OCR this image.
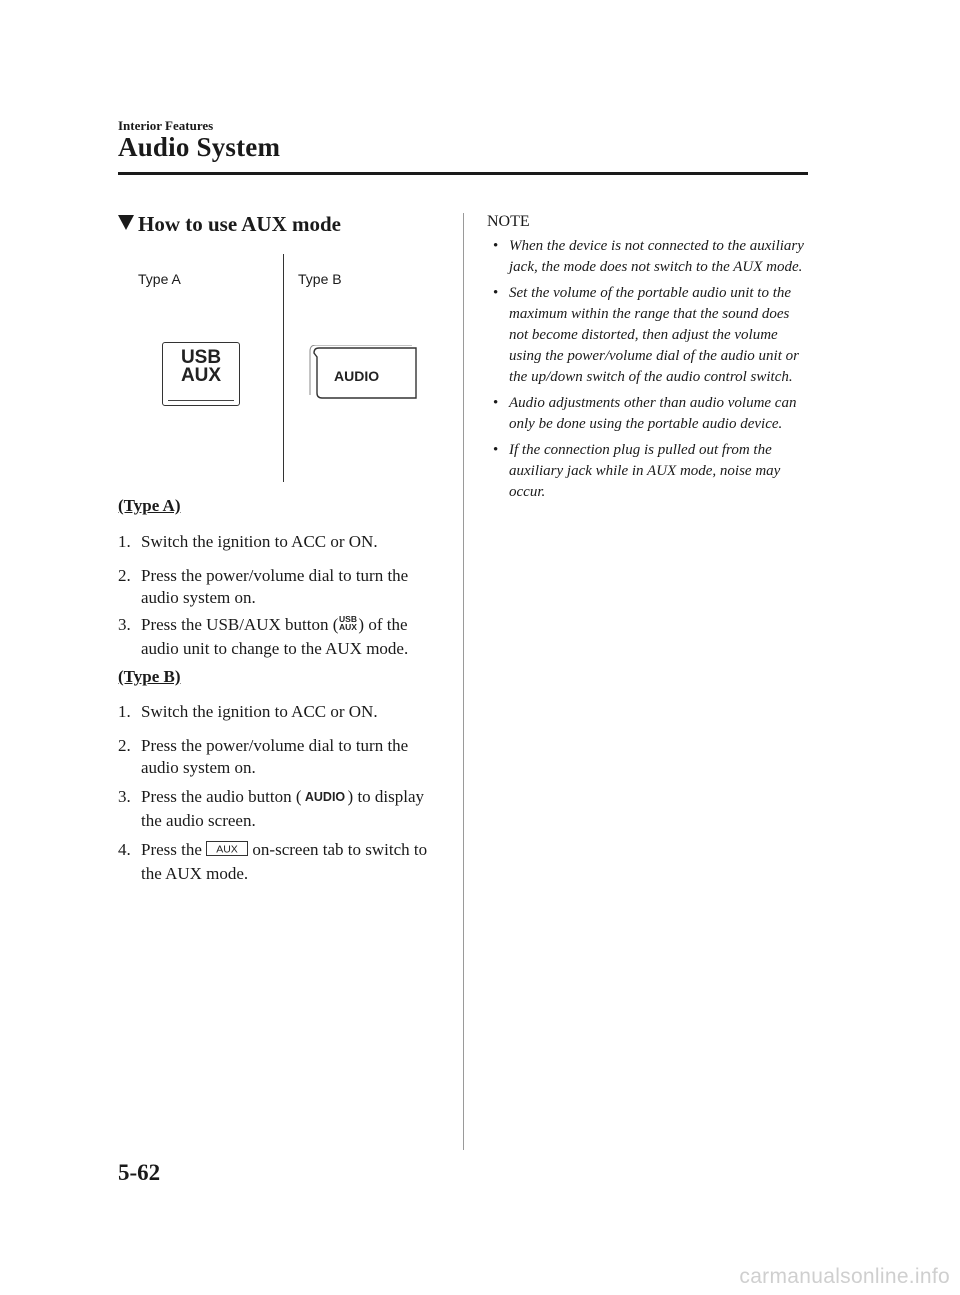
Interior Features
Audio System
How to use AUX mode
Type A	Type B
USB
AUX	AUDIO
(Type A)
1. Switch the ignition to ACC or ON.
2. Press the power/volume dial to turn the audio system on.
3. Press the USB/AUX button ( USB
AUX ) of the audio unit to change to the AUX mode.
(Type B)
1. Switch the ignition to ACC or ON.
2. Press the power/volume dial to turn the audio system on.
3. Press the audio button ( AUDIO ) to display the audio screen.
4. Press the AUX on-screen tab to switch to the AUX mode.
NOTE
• When the device is not connected to the auxiliary jack, the mode does not switch to the AUX mode.
• Set the volume of the portable audio unit to the maximum within the range that the sound does not become distorted, then adjust the volume using the power/volume dial of the audio unit or the up/down switch of the audio control switch.
• Audio adjustments other than audio volume can only be done using the portable audio device.
• If the connection plug is pulled out from the auxiliary jack while in AUX mode, noise may occur.
5-62
carmanualsonline.info
